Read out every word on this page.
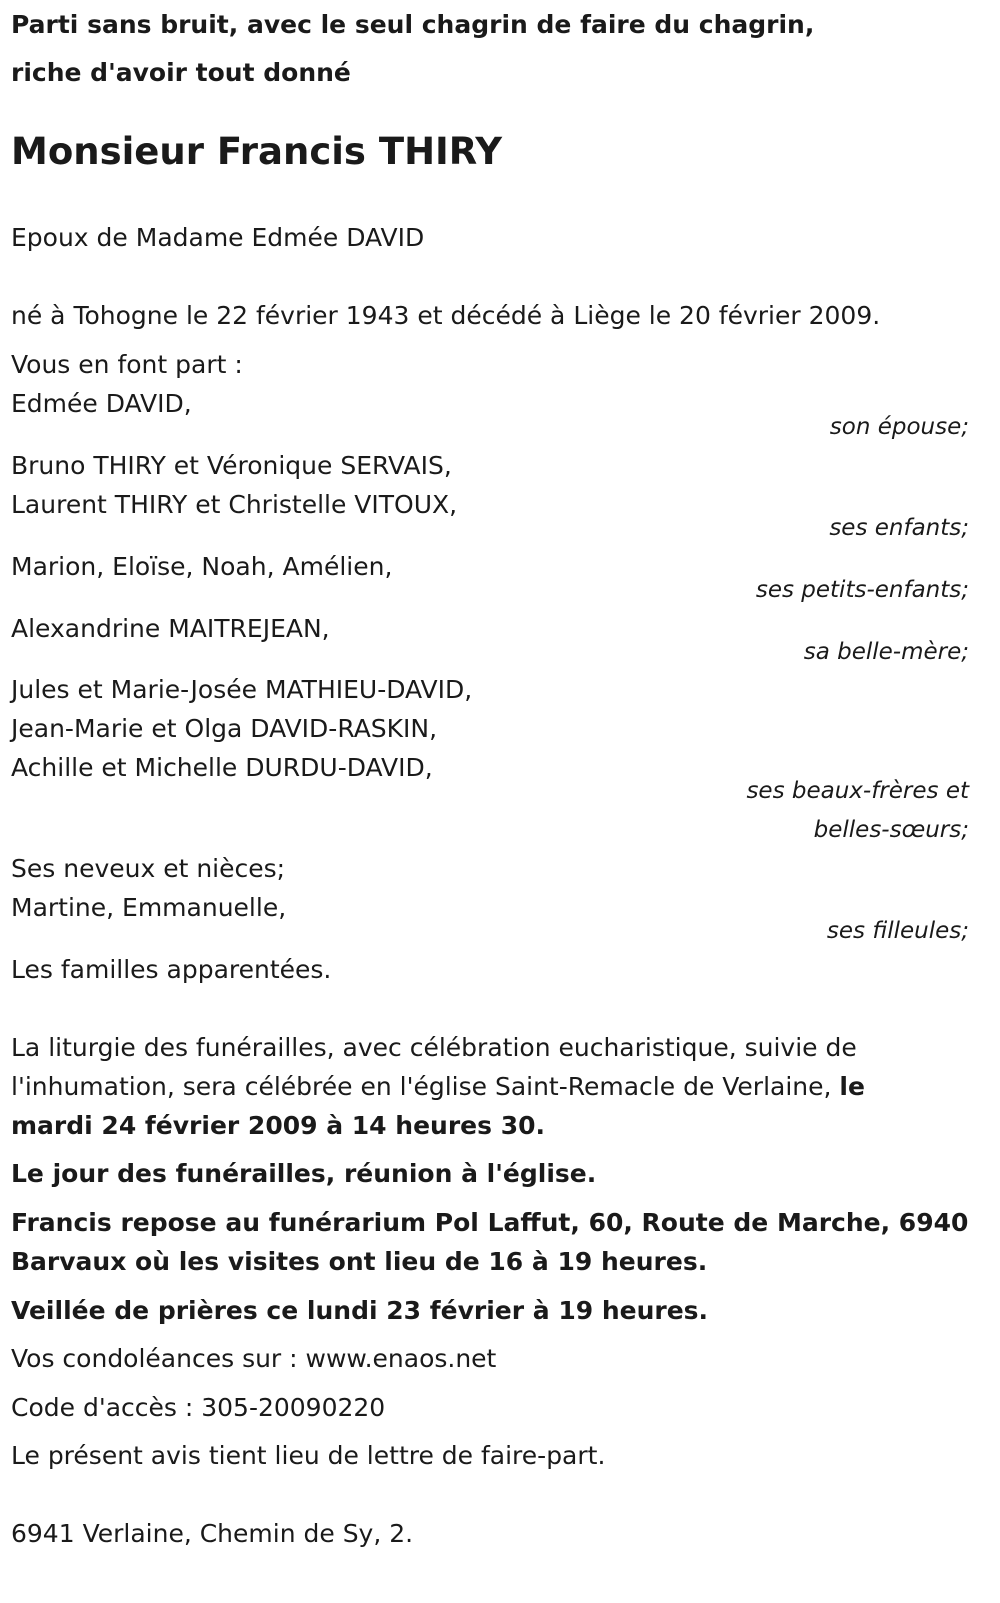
Parti sans bruit, avec le seul chagrin de faire du chagrin,
riche d'avoir tout donné
Monsieur Francis THIRY
Epoux de Madame Edmée DAVID
né à Tohogne le 22 février 1943 et décédé à Liège le 20 février 2009.
Vous en font part :
Edmée DAVID,
son épouse;
Bruno THIRY et Véronique SERVAIS,
Laurent THIRY et Christelle VITOUX,
ses enfants;
Marion, Eloïse, Noah, Amélien,
ses petits-enfants;
Alexandrine MAITREJEAN,
sa belle-mère;
Jules et Marie-Josée MATHIEU-DAVID,
Jean-Marie et Olga DAVID-RASKIN,
Achille et Michelle DURDU-DAVID,
ses beaux-frères et
belles-sœurs;
Ses neveux et nièces;
Martine, Emmanuelle,
ses filleules;
Les familles apparentées.
La liturgie des funérailles, avec célébration eucharistique, suivie de
l'inhumation, sera célébrée en l'église Saint-Remacle de Verlaine, le
mardi 24 février 2009 à 14 heures 30.
Le jour des funérailles, réunion à l'église.
Francis repose au funérarium Pol Laffut, 60, Route de Marche, 6940
Barvaux où les visites ont lieu de 16 à 19 heures.
Veillée de prières ce lundi 23 février à 19 heures.
Vos condoléances sur : www.enaos.net
Code d'accès : 305-20090220
Le présent avis tient lieu de lettre de faire-part.
6941 Verlaine, Chemin de Sy, 2.
